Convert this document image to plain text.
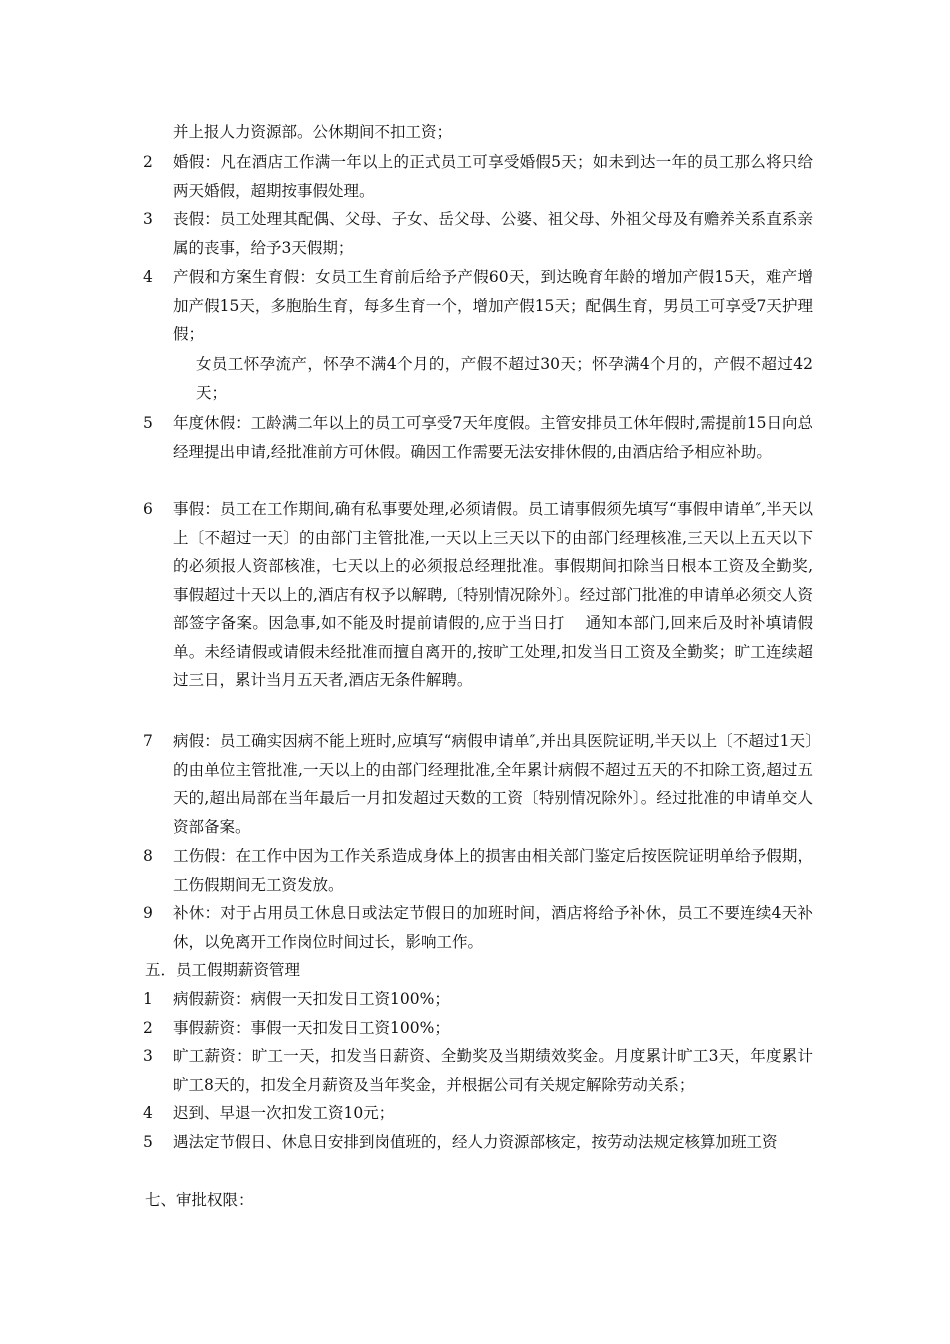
并上报人力资源部。公休期间不扣工资；
2 婚假：凡在酒店工作满一年以上的正式员工可享受婚假5天；如未到达一年的员工那么将只给两天婚假，超期按事假处理。
3 丧假：员工处理其配偶、父母、子女、岳父母、公婆、祖父母、外祖父母及有赡养关系直系亲属的丧事，给予3天假期；
4 产假和方案生育假：女员工生育前后给予产假60天，到达晚育年龄的增加产假15天，难产增加产假15天，多胞胎生育，每多生育一个，增加产假15天；配偶生育，男员工可享受7天护理假；
女员工怀孕流产，怀孕不满4个月的，产假不超过30天；怀孕满4个月的，产假不超过42天；
5 年度休假：工龄满二年以上的员工可享受7天年度假。主管安排员工休年假时,需提前15日向总经理提出申请,经批准前方可休假。确因工作需要无法安排休假的,由酒店给予相应补助。
6 事假：员工在工作期间,确有私事要处理,必须请假。员工请事假须先填写“事假申请单″,半天以上〔不超过一天〕的由部门主管批准,一天以上三天以下的由部门经理核准,三天以上五天以下的必须报人资部核准，七天以上的必须报总经理批准。事假期间扣除当日根本工资及全勤奖,事假超过十天以上的,酒店有权予以解聘,〔特别情况除外〕。经过部门批准的申请单必须交人资部签字备案。因急事,如不能及时提前请假的,应于当日打　 通知本部门,回来后及时补填请假单。未经请假或请假未经批准而擅自离开的,按旷工处理,扣发当日工资及全勤奖；旷工连续超过三日，累计当月五天者,酒店无条件解聘。
7 病假：员工确实因病不能上班时,应填写“病假申请单″,并出具医院证明,半天以上〔不超过1天〕的由单位主管批准,一天以上的由部门经理批准,全年累计病假不超过五天的不扣除工资,超过五天的,超出局部在当年最后一月扣发超过天数的工资〔特别情况除外〕。经过批准的申请单交人资部备案。
8 工伤假：在工作中因为工作关系造成身体上的损害由相关部门鉴定后按医院证明单给予假期，工伤假期间无工资发放。
9 补休：对于占用员工休息日或法定节假日的加班时间，酒店将给予补休，员工不要连续4天补休，以免离开工作岗位时间过长，影响工作。
五．员工假期薪资管理
1 病假薪资：病假一天扣发日工资100%；
2 事假薪资：事假一天扣发日工资100%；
3 旷工薪资：旷工一天，扣发当日薪资、全勤奖及当期绩效奖金。月度累计旷工3天，年度累计旷工8天的，扣发全月薪资及当年奖金，并根据公司有关规定解除劳动关系；
4 迟到、早退一次扣发工资10元；
5 遇法定节假日、休息日安排到岗值班的，经人力资源部核定，按劳动法规定核算加班工资
七、审批权限：
